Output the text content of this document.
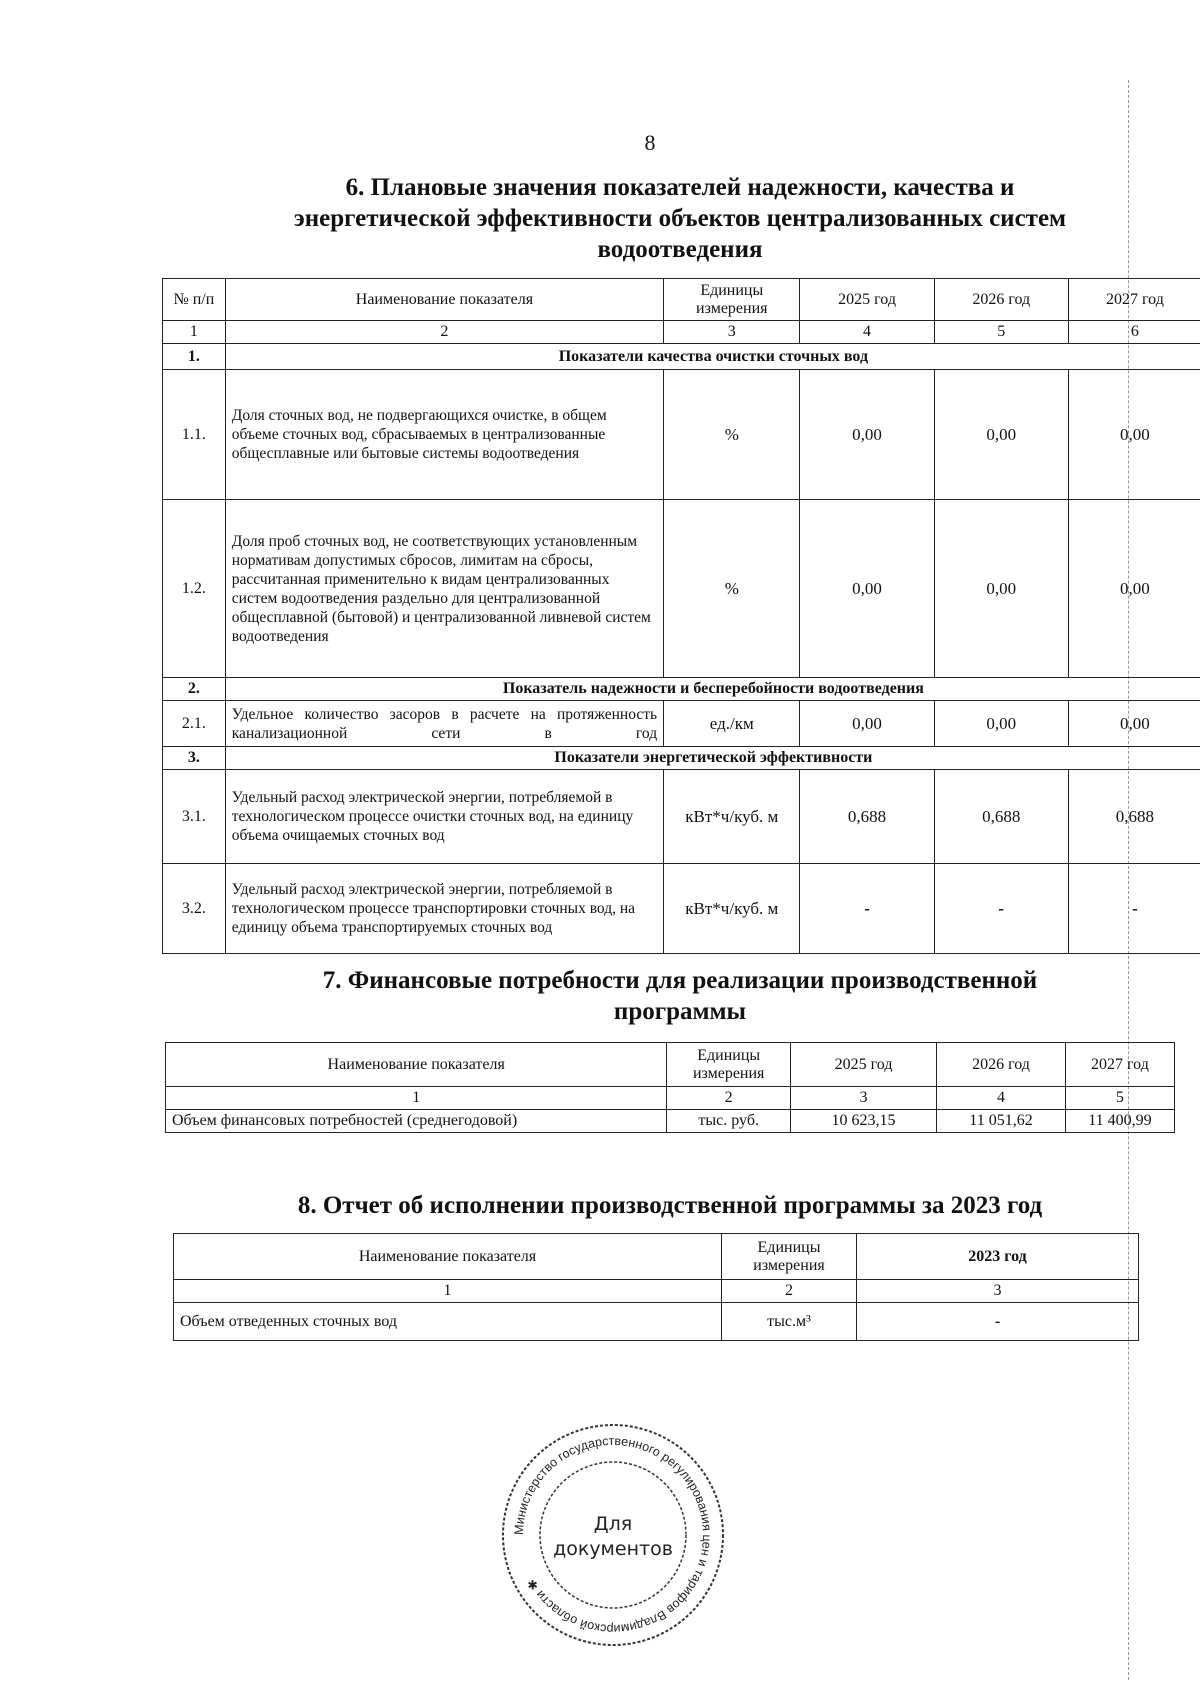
8
6. Плановые значения показателей надежности, качества и
энергетической эффективности объектов централизованных систем
водоотведения
№ п/п	Наименование показателя	Единицы измерения	2025 год	2026 год	2027 год
1	2	3	4	5	6
1.	Показатели качества очистки сточных вод				
1.1.	Доля сточных вод, не подвергающихся очистке, в общем объеме сточных вод, сбрасываемых в централизованные общесплавные или бытовые системы водоотведения	%	0,00	0,00	0,00
1.2.	Доля проб сточных вод, не соответствующих установленным нормативам допустимых сбросов, лимитам на сбросы, рассчитанная применительно к видам централизованных систем водоотведения раздельно для централизованной общесплавной (бытовой) и централизованной ливневой систем водоотведения	%	0,00	0,00	0,00
2.	Показатель надежности и бесперебойности водоотведения				
2.1.	Удельное количество засоров в расчете на протяженность канализационной сети в год	ед./км	0,00	0,00	0,00
3.	Показатели энергетической эффективности				
3.1.	Удельный расход электрической энергии, потребляемой в технологическом процессе очистки сточных вод, на единицу объема очищаемых сточных вод	кВт*ч/куб. м	0,688	0,688	0,688
3.2.	Удельный расход электрической энергии, потребляемой в технологическом процессе транспортировки сточных вод, на единицу объема транспортируемых сточных вод	кВт*ч/куб. м	-	-	-
7. Финансовые потребности для реализации производственной
программы
Наименование показателя	Единицы измерения	2025 год	2026 год	2027 год
1	2	3	4	5
Объем финансовых потребностей (среднегодовой)	тыс. руб.	10 623,15	11 051,62	11 400,99
8. Отчет об исполнении производственной программы за 2023 год
Наименование показателя	Единицы измерения	2023 год
1	2	3
Объем отведенных сточных вод	тыс.м³	-
Министерство государственного регулирования цен и тарифов Владимирской области ✱
Для
документов
